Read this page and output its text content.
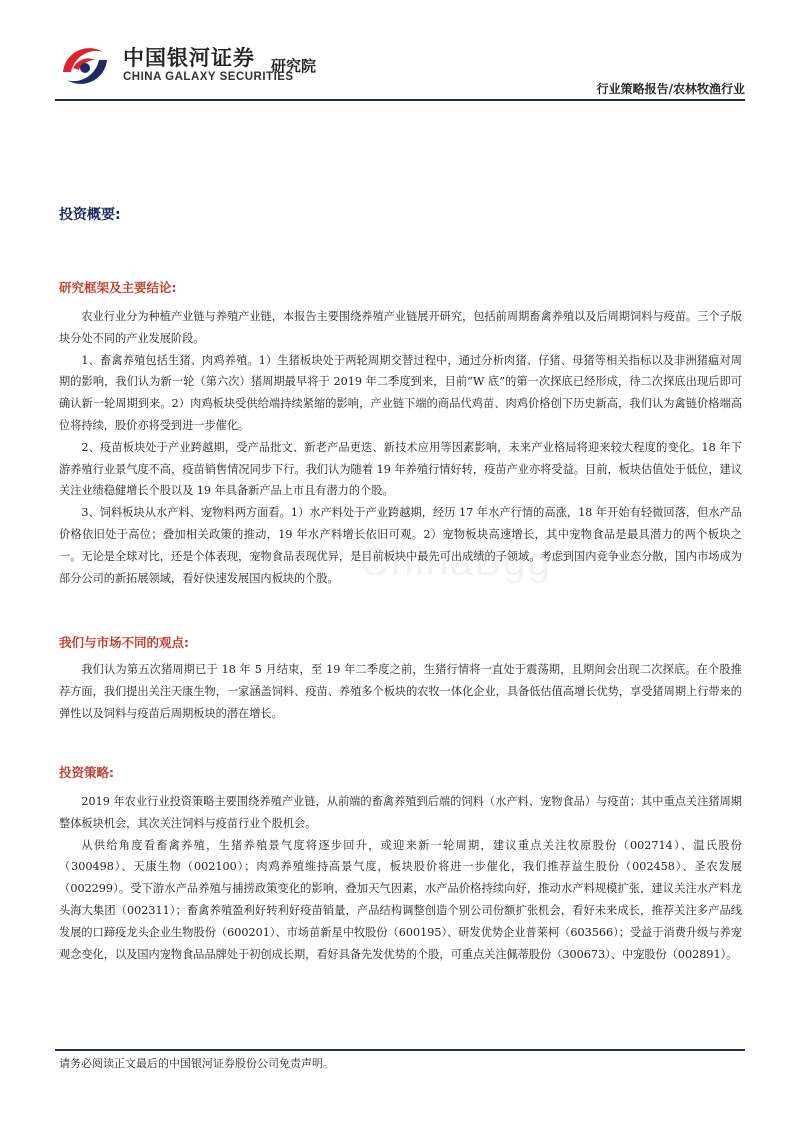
中国银河证券
CHINA GALAXY SECURITIES
研究院
行业策略报告/农林牧渔行业
ChinaBgg
投资概要:
研究框架及主要结论:

农业行业分为种植产业链与养殖产业链，本报告主要围绕养殖产业链展开研究，包括前周期畜禽养殖以及后周期饲料与疫苗。三个子版块分处不同的产业发展阶段。

1、畜禽养殖包括生猪、肉鸡养殖。1）生猪板块处于两轮周期交替过程中，通过分析肉猪、仔猪、母猪等相关指标以及非洲猪瘟对周期的影响，我们认为新一轮（第六次）猪周期最早将于 2019 年二季度到来，目前“W 底”的第一次探底已经形成，待二次探底出现后即可确认新一轮周期到来。2）肉鸡板块受供给端持续紧缩的影响，产业链下端的商品代鸡苗、肉鸡价格创下历史新高，我们认为禽链价格端高位将持续，股价亦将受到进一步催化。

2、疫苗板块处于产业跨越期，受产品批文、新老产品更迭、新技术应用等因素影响，未来产业格局将迎来较大程度的变化。18 年下游养殖行业景气度不高，疫苗销售情况同步下行。我们认为随着 19 年养殖行情好转，疫苗产业亦将受益。目前，板块估值处于低位，建议关注业绩稳健增长个股以及 19 年具备新产品上市且有潜力的个股。

3、饲料板块从水产料、宠物料两方面看。1）水产料处于产业跨越期，经历 17 年水产行情的高涨，18 年开始有轻微回落，但水产品价格依旧处于高位；叠加相关政策的推动，19 年水产料增长依旧可观。2）宠物板块高速增长，其中宠物食品是最具潜力的两个板块之一。无论是全球对比，还是个体表现，宠物食品表现优异，是目前板块中最先可出成绩的子领域。考虑到国内竞争业态分散，国内市场成为部分公司的新拓展领域，看好快速发展国内板块的个股。

我们与市场不同的观点:

我们认为第五次猪周期已于 18 年 5 月结束，至 19 年二季度之前，生猪行情将一直处于震荡期，且期间会出现二次探底。在个股推荐方面，我们提出关注天康生物，一家涵盖饲料、疫苗、养殖多个板块的农牧一体化企业，具备低估值高增长优势，享受猪周期上行带来的弹性以及饲料与疫苗后周期板块的潜在增长。

投资策略:

2019 年农业行业投资策略主要围绕养殖产业链，从前端的畜禽养殖到后端的饲料（水产料、宠物食品）与疫苗；其中重点关注猪周期整体板块机会，其次关注饲料与疫苗行业个股机会。

从供给角度看畜禽养殖，生猪养殖景气度将逐步回升，或迎来新一轮周期，建议重点关注牧原股份（002714）、温氏股份（300498）、天康生物（002100）；肉鸡养殖维持高景气度，板块股价将进一步催化，我们推荐益生股份（002458）、圣农发展（002299）。受下游水产品养殖与捕捞政策变化的影响，叠加天气因素，水产品价格持续向好，推动水产料规模扩张，建议关注水产料龙头海大集团（002311）；畜禽养殖盈利好转利好疫苗销量，产品结构调整创造个别公司份额扩张机会，看好未来成长，推荐关注多产品线发展的口蹄疫龙头企业生物股份（600201）、市场苗新星中牧股份（600195）、研发优势企业普莱柯（603566）；受益于消费升级与养宠观念变化，以及国内宠物食品品牌处于初创成长期，看好具备先发优势的个股，可重点关注佩蒂股份（300673）、中宠股份（002891）。

请务必阅读正文最后的中国银河证券股份公司免责声明。
